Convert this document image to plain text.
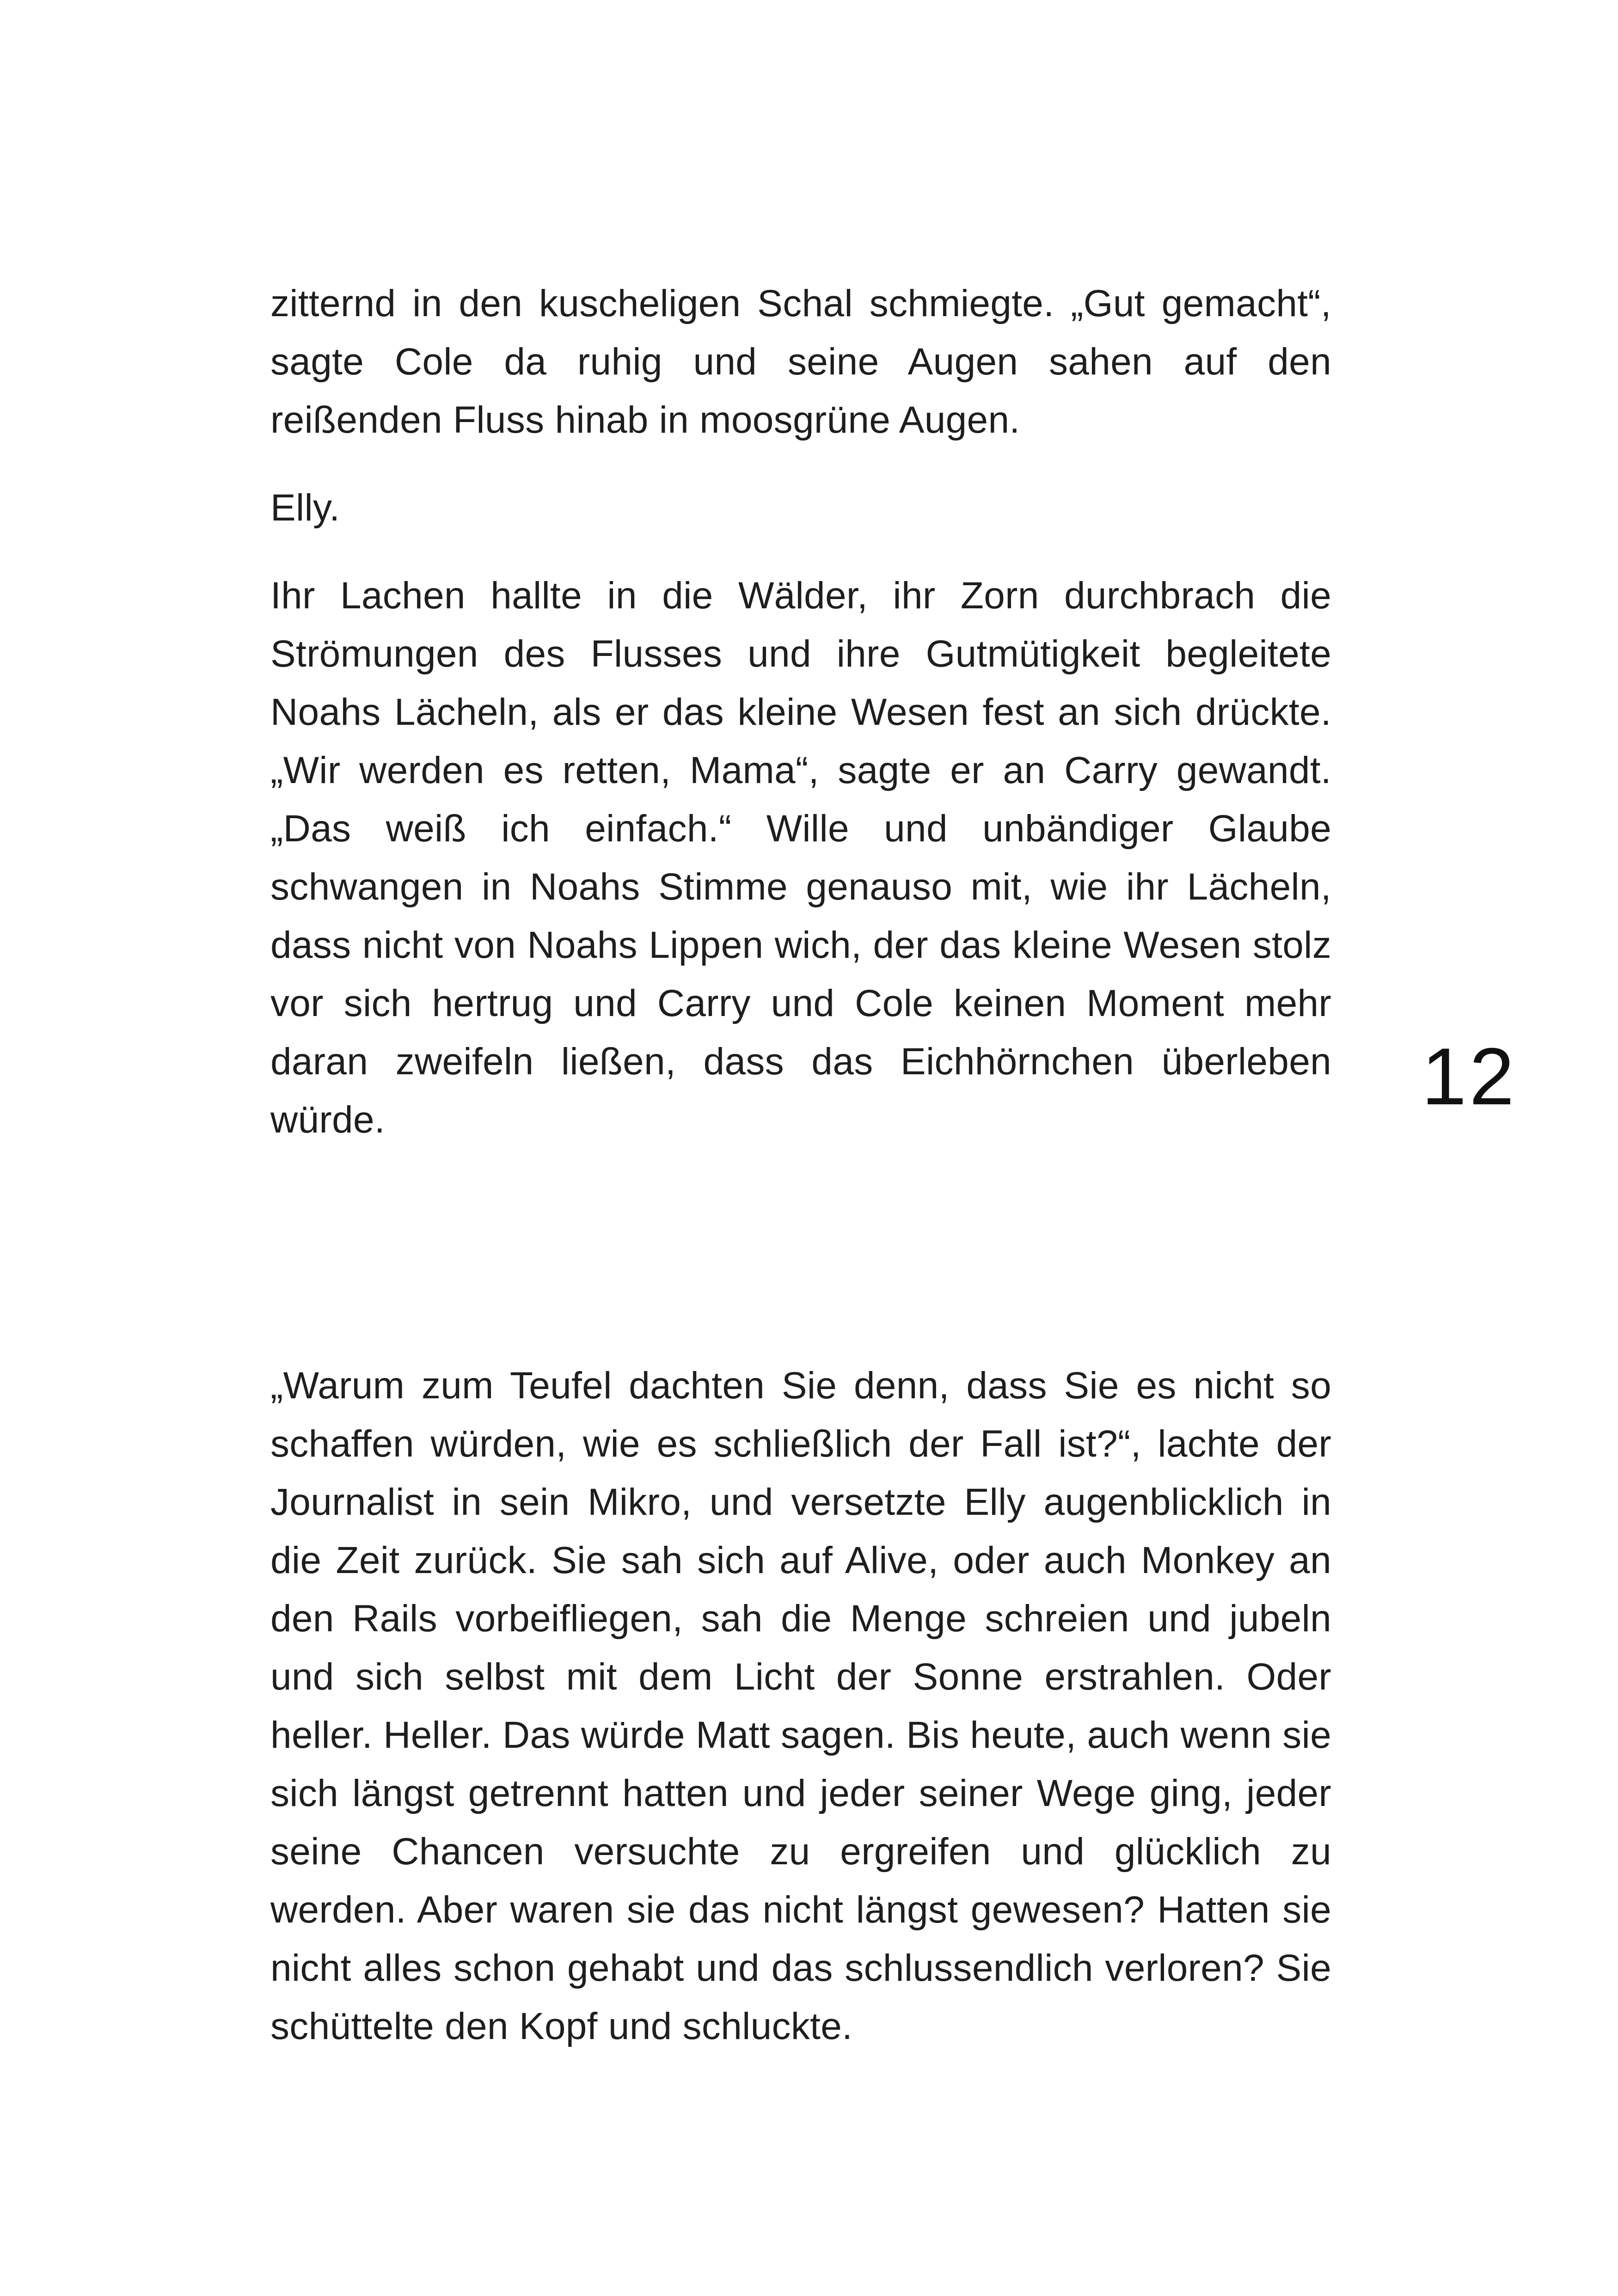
zitternd in den kuscheligen Schal schmiegte. „Gut gemacht“, sagte Cole da ruhig und seine Augen sahen auf den reißenden Fluss hinab in moosgrüne Augen.

Elly.

Ihr Lachen hallte in die Wälder, ihr Zorn durchbrach die Strömungen des Flusses und ihre Gutmütigkeit begleitete Noahs Lächeln, als er das kleine Wesen fest an sich drückte. „Wir werden es retten, Mama“, sagte er an Carry gewandt. „Das weiß ich einfach.“ Wille und unbändiger Glaube schwangen in Noahs Stimme genauso mit, wie ihr Lächeln, dass nicht von Noahs Lippen wich, der das kleine Wesen stolz vor sich hertrug und Carry und Cole keinen Moment mehr daran zweifeln ließen, dass das Eichhörnchen überleben würde.	12

„Warum zum Teufel dachten Sie denn, dass Sie es nicht so schaffen würden, wie es schließlich der Fall ist?“, lachte der Journalist in sein Mikro, und versetzte Elly augenblicklich in die Zeit zurück. Sie sah sich auf Alive, oder auch Monkey an den Rails vorbeifliegen, sah die Menge schreien und jubeln und sich selbst mit dem Licht der Sonne erstrahlen. Oder heller. Heller. Das würde Matt sagen. Bis heute, auch wenn sie sich längst getrennt hatten und jeder seiner Wege ging, jeder seine Chancen versuchte zu ergreifen und glücklich zu werden. Aber waren sie das nicht längst gewesen? Hatten sie nicht alles schon gehabt und das schlussendlich verloren? Sie schüttelte den Kopf und schluckte.
